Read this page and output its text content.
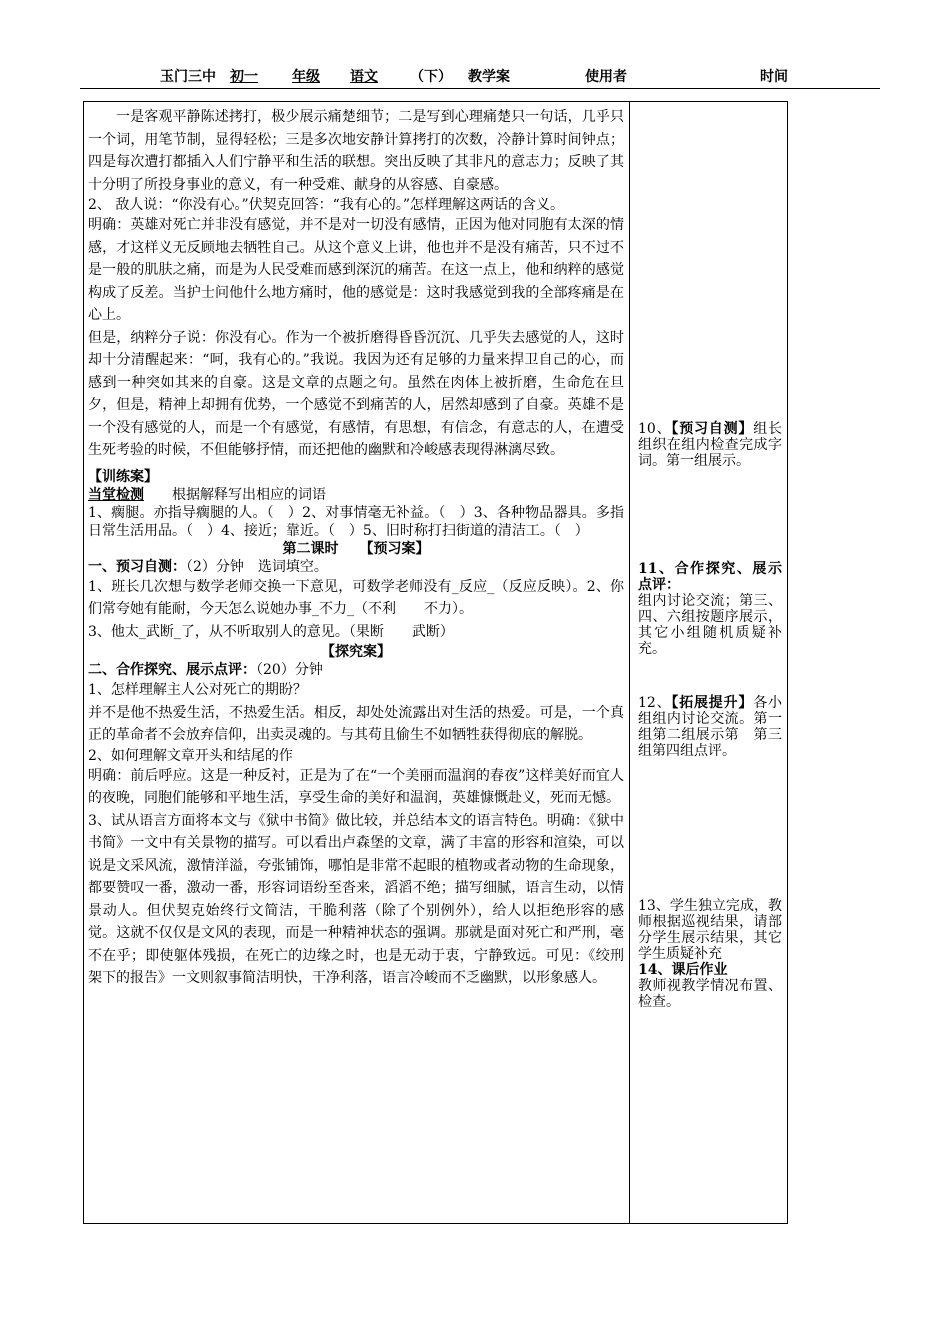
玉门三中 初一 年级 语文 （下） 教学案	使用者	时间

一是客观平静陈述拷打，极少展示痛楚细节；二是写到心理痛楚只一句话，几乎只一个词，用笔节制，显得轻松；三是多次地安静计算拷打的次数，冷静计算时间钟点；四是每次遭打都插入人们宁静平和生活的联想。突出反映了其非凡的意志力；反映了其十分明了所投身事业的意义，有一种受难、献身的从容感、自豪感。

2、 敌人说：“你没有心。”伏契克回答：“我有心的。”怎样理解这两话的含义。

明确：英雄对死亡并非没有感觉，并不是对一切没有感情，正因为他对同胞有太深的情感，才这样义无反顾地去牺牲自己。从这个意义上讲，他也并不是没有痛苦，只不过不是一般的肌肤之痛，而是为人民受难而感到深沉的痛苦。在这一点上，他和纳粹的感觉构成了反差。当护士问他什么地方痛时，他的感觉是：这时我感觉到我的全部疼痛是在心上。

但是，纳粹分子说：你没有心。作为一个被折磨得昏昏沉沉、几乎失去感觉的人，这时却十分清醒起来：“呵，我有心的。”我说。我因为还有足够的力量来捍卫自己的心，而感到一种突如其来的自豪。这是文章的点题之句。虽然在肉体上被折磨，生命危在旦夕，但是，精神上却拥有优势，一个感觉不到痛苦的人，居然却感到了自豪。英雄不是一个没有感觉的人，而是一个有感觉，有感情，有思想，有信念，有意志的人，在遭受生死考验的时候，不但能够抒情，而还把他的幽默和冷峻感表现得淋漓尽致。

【训练案】

当堂检测　　 根据解释写出相应的词语

1、瘸腿。亦指导瘸腿的人。（　）2、对事情毫无补益。（　）3、各种物品器具。多指日常生活用品。（　）4、接近；靠近。（　）5、旧时称打扫街道的清洁工。（　）

第二课时　　 【预习案】

一、预习自测：（2）分钟　选词填空。

1、班长几次想与数学老师交换一下意见，可数学老师没有_反应_（反应反映）。2、你们常夸她有能耐，今天怎么说她办事_不力_（不利　　不力）。

3、他太_武断_了，从不听取别人的意见。（果断　　武断）

【探究案】

二、合作探究、展示点评：（20）分钟

1、怎样理解主人公对死亡的期盼？

并不是他不热爱生活，不热爱生活。相反，却处处流露出对生活的热爱。可是，一个真正的革命者不会放弃信仰，出卖灵魂的。与其苟且偷生不如牺牲获得彻底的解脱。

2、如何理解文章开头和结尾的作

明确：前后呼应。这是一种反衬，正是为了在“一个美丽而温润的春夜”这样美好而宜人的夜晚，同胞们能够和平地生活，享受生命的美好和温润，英雄慷慨赴义，死而无憾。

3、试从语言方面将本文与《狱中书简》做比较，并总结本文的语言特色。明确：《狱中书简》一文中有关景物的描写。可以看出卢森堡的文章，满了丰富的形容和渲染，可以说是文采风流，激情洋溢，夸张铺饰，哪怕是非常不起眼的植物或者动物的生命现象，都要赞叹一番，激动一番，形容词语纷至沓来，滔滔不绝；描写细腻，语言生动，以情景动人。但伏契克始终行文简洁，干脆利落（除了个别例外），给人以拒绝形容的感觉。这就不仅仅是文风的表现，而是一种精神状态的强调。那就是面对死亡和严刑，毫不在乎；即使躯体残损，在死亡的边缘之时，也是无动于衷，宁静致远。可见：《绞刑架下的报告》一文则叙事简洁明快，干净利落，语言冷峻而不乏幽默，以形象感人。

10、【预习自测】组长组织在组内检查完成字词。第一组展示。

11、合作探究、展示点评：

组内讨论交流；第三、四、六组按题序展示，其它小组随机质疑补充。

12、【拓展提升】各小组组内讨论交流。第一组第二组展示第　第三组第四组点评。

13、学生独立完成，教师根据巡视结果，请部分学生展示结果，其它学生质疑补充

14、课后作业

教师视教学情况布置、检查。
